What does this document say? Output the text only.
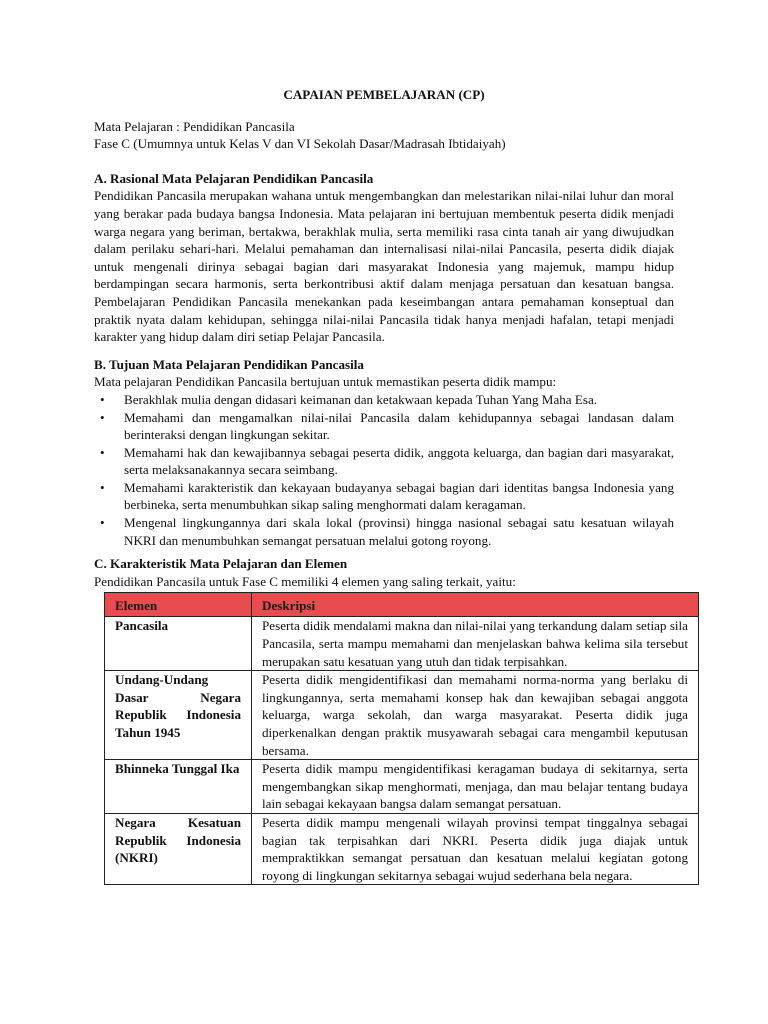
CAPAIAN PEMBELAJARAN (CP)

Mata Pelajaran : Pendidikan Pancasila

Fase C (Umumnya untuk Kelas V dan VI Sekolah Dasar/Madrasah Ibtidaiyah)

A. Rasional Mata Pelajaran Pendidikan Pancasila

Pendidikan Pancasila merupakan wahana untuk mengembangkan dan melestarikan nilai-nilai luhur dan moral yang berakar pada budaya bangsa Indonesia. Mata pelajaran ini bertujuan membentuk peserta didik menjadi warga negara yang beriman, bertakwa, berakhlak mulia, serta memiliki rasa cinta tanah air yang diwujudkan dalam perilaku sehari-hari. Melalui pemahaman dan internalisasi nilai-nilai Pancasila, peserta didik diajak untuk mengenali dirinya sebagai bagian dari masyarakat Indonesia yang majemuk, mampu hidup berdampingan secara harmonis, serta berkontribusi aktif dalam menjaga persatuan dan kesatuan bangsa. Pembelajaran Pendidikan Pancasila menekankan pada keseimbangan antara pemahaman konseptual dan praktik nyata dalam kehidupan, sehingga nilai-nilai Pancasila tidak hanya menjadi hafalan, tetapi menjadi karakter yang hidup dalam diri setiap Pelajar Pancasila.

B. Tujuan Mata Pelajaran Pendidikan Pancasila

Mata pelajaran Pendidikan Pancasila bertujuan untuk memastikan peserta didik mampu:

• Berakhlak mulia dengan didasari keimanan dan ketakwaan kepada Tuhan Yang Maha Esa.
• Memahami dan mengamalkan nilai-nilai Pancasila dalam kehidupannya sebagai landasan dalam berinteraksi dengan lingkungan sekitar.
• Memahami hak dan kewajibannya sebagai peserta didik, anggota keluarga, dan bagian dari masyarakat, serta melaksanakannya secara seimbang.
• Memahami karakteristik dan kekayaan budayanya sebagai bagian dari identitas bangsa Indonesia yang berbineka, serta menumbuhkan sikap saling menghormati dalam keragaman.
• Mengenal lingkungannya dari skala lokal (provinsi) hingga nasional sebagai satu kesatuan wilayah NKRI dan menumbuhkan semangat persatuan melalui gotong royong.

C. Karakteristik Mata Pelajaran dan Elemen

Pendidikan Pancasila untuk Fase C memiliki 4 elemen yang saling terkait, yaitu:

Elemen	Deskripsi
Pancasila	Peserta didik mendalami makna dan nilai-nilai yang terkandung dalam setiap sila Pancasila, serta mampu memahami dan menjelaskan bahwa kelima sila tersebut merupakan satu kesatuan yang utuh dan tidak terpisahkan.
Undang-Undang Dasar Negara Republik Indonesia Tahun 1945	Peserta didik mengidentifikasi dan memahami norma-norma yang berlaku di lingkungannya, serta memahami konsep hak dan kewajiban sebagai anggota keluarga, warga sekolah, dan warga masyarakat. Peserta didik juga diperkenalkan dengan praktik musyawarah sebagai cara mengambil keputusan bersama.
Bhinneka Tunggal Ika	Peserta didik mampu mengidentifikasi keragaman budaya di sekitarnya, serta mengembangkan sikap menghormati, menjaga, dan mau belajar tentang budaya lain sebagai kekayaan bangsa dalam semangat persatuan.
Negara Kesatuan Republik Indonesia (NKRI)	Peserta didik mampu mengenali wilayah provinsi tempat tinggalnya sebagai bagian tak terpisahkan dari NKRI. Peserta didik juga diajak untuk mempraktikkan semangat persatuan dan kesatuan melalui kegiatan gotong royong di lingkungan sekitarnya sebagai wujud sederhana bela negara.
